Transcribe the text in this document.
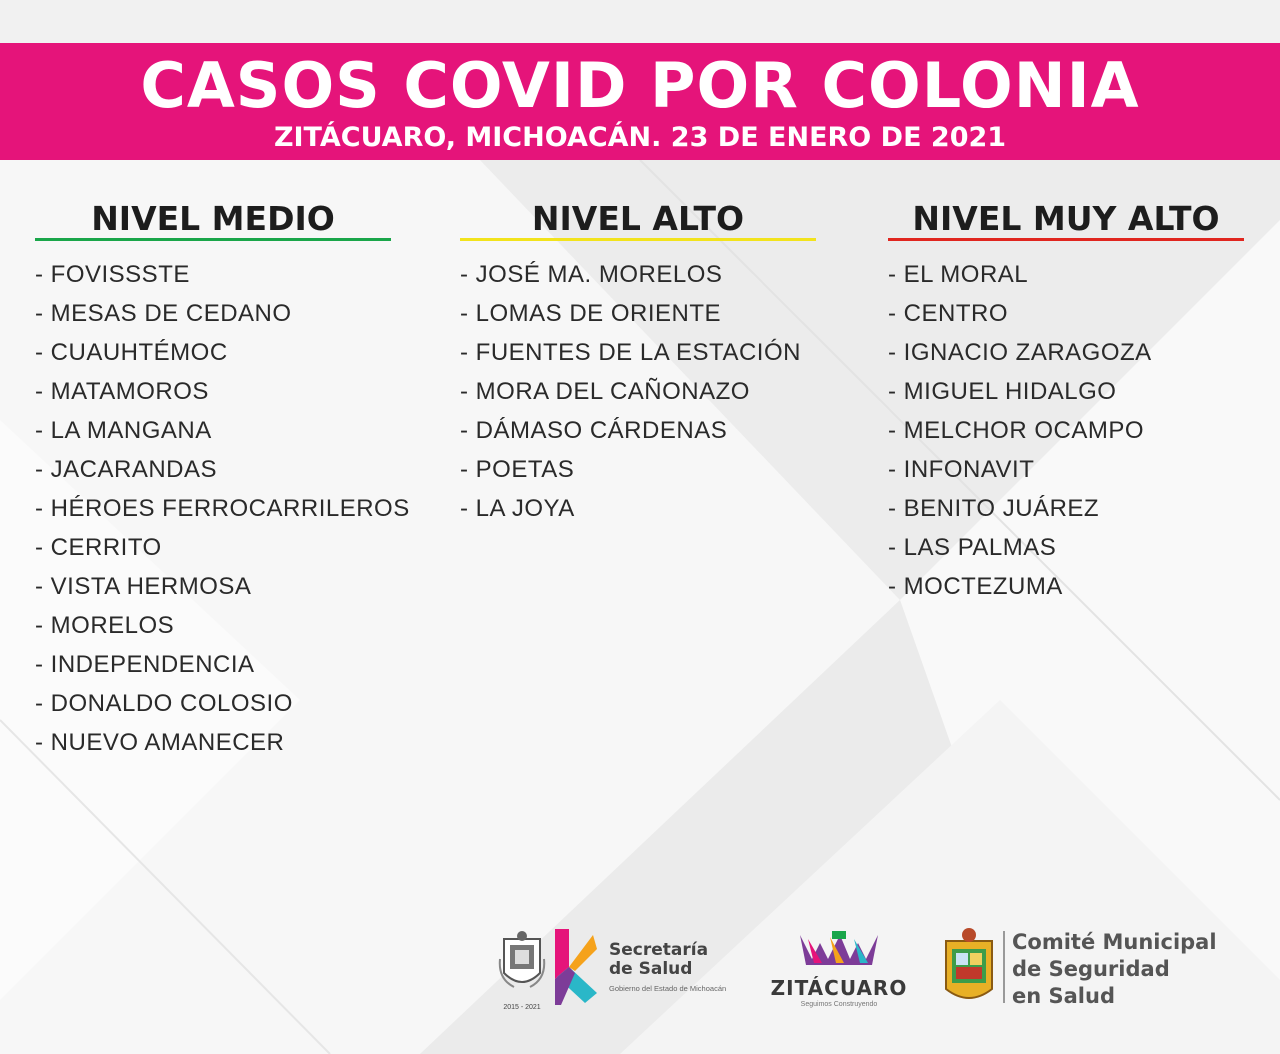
CASOS COVID POR COLONIA
ZITÁCUARO, MICHOACÁN. 23 DE ENERO DE 2021
NIVEL MEDIO
- FOVISSSTE
- MESAS DE CEDANO
- CUAUHTÉMOC
- MATAMOROS
- LA MANGANA
- JACARANDAS
- HÉROES FERROCARRILEROS
- CERRITO
- VISTA HERMOSA
- MORELOS
- INDEPENDENCIA
- DONALDO COLOSIO
- NUEVO AMANECER
NIVEL ALTO
- JOSÉ MA. MORELOS
- LOMAS DE ORIENTE
- FUENTES DE LA ESTACIÓN
- MORA DEL CAÑONAZO
- DÁMASO CÁRDENAS
- POETAS
- LA JOYA
NIVEL MUY ALTO
- EL MORAL
- CENTRO
- IGNACIO ZARAGOZA
- MIGUEL HIDALGO
- MELCHOR OCAMPO
- INFONAVIT
- BENITO JUÁREZ
- LAS PALMAS
- MOCTEZUMA
2015 - 2021
Secretaría
de Salud
Gobierno del Estado de Michoacán	ZITÁCUARO
Seguimos Construyendo
Comité Municipal
de Seguridad
en Salud
